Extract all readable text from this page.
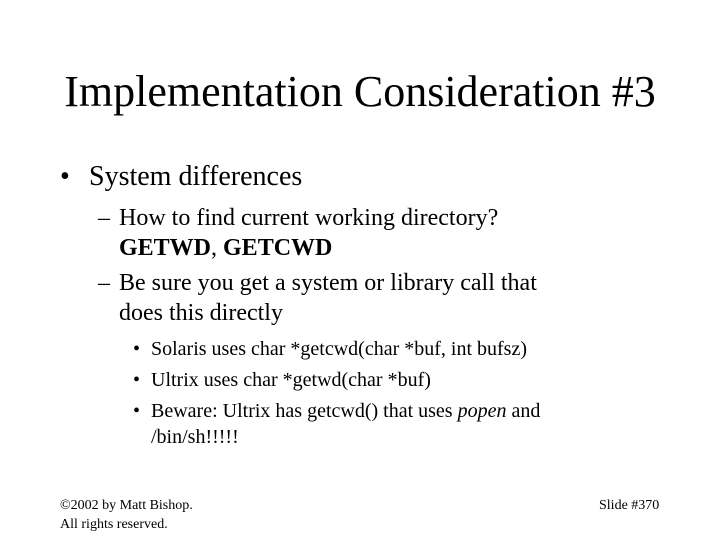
Implementation Consideration #3
• System differences
– How to find current working directory?
GETWD, GETCWD
– Be sure you get a system or library call that
does this directly
• Solaris uses char *getcwd(char *buf, int bufsz)
• Ultrix uses char *getwd(char *buf)
• Beware: Ultrix has getcwd() that uses popen and
/bin/sh!!!!!
©2002 by Matt Bishop.
All rights reserved.
Slide #370
